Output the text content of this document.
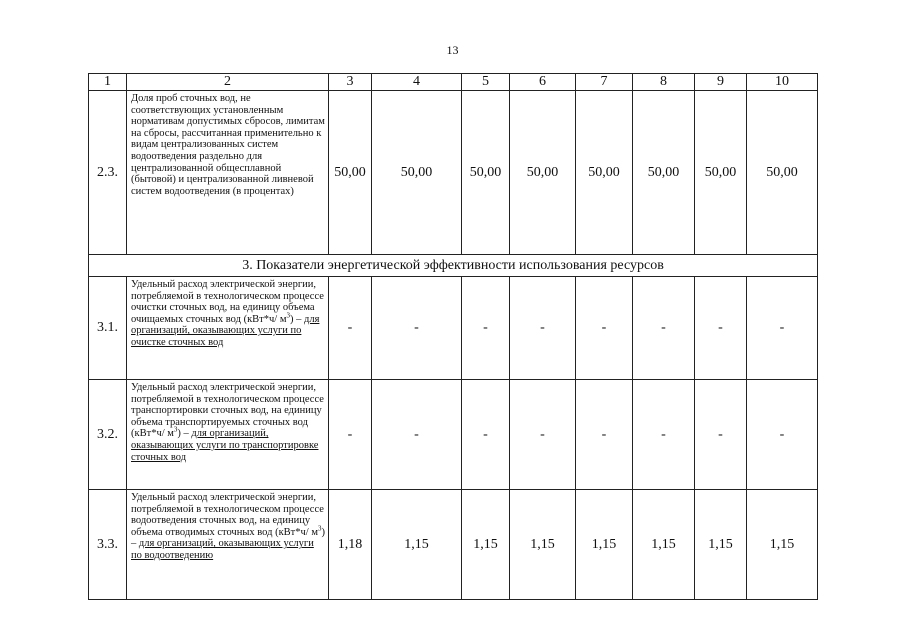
13
1	2	3	4	5	6	7	8	9	10
2.3.	Доля проб сточных вод, не соответствующих установленным нормативам допустимых сбросов, лимитам на сбросы, рассчитанная применительно к видам централизованных систем водоотведения раздельно для централизованной общесплавной (бытовой) и централизованной ливневой систем водоотведения (в процентах)	50,00	50,00	50,00	50,00	50,00	50,00	50,00	50,00
3. Показатели энергетической эффективности использования ресурсов									
3.1.	Удельный расход электрической энергии, потребляемой в технологическом процессе очистки сточных вод, на единицу объема очищаемых сточных вод (кВт*ч/ $м^3$) – для организаций, оказывающих услуги по очистке сточных вод	-	-	-	-	-	-	-	-
3.2.	Удельный расход электрической энергии, потребляемой в технологическом процессе транспортировки сточных вод, на единицу объема транспортируемых сточных вод (кВт*ч/ $м^3$) – для организаций, оказывающих услуги по транспортировке сточных вод	-	-	-	-	-	-	-	-
3.3.	Удельный расход электрической энергии, потребляемой в технологическом процессе водоотведения сточных вод, на единицу объема отводимых сточных вод (кВт*ч/ $м^3$) – для организаций, оказывающих услуги по водоотведению	1,18	1,15	1,15	1,15	1,15	1,15	1,15	1,15
